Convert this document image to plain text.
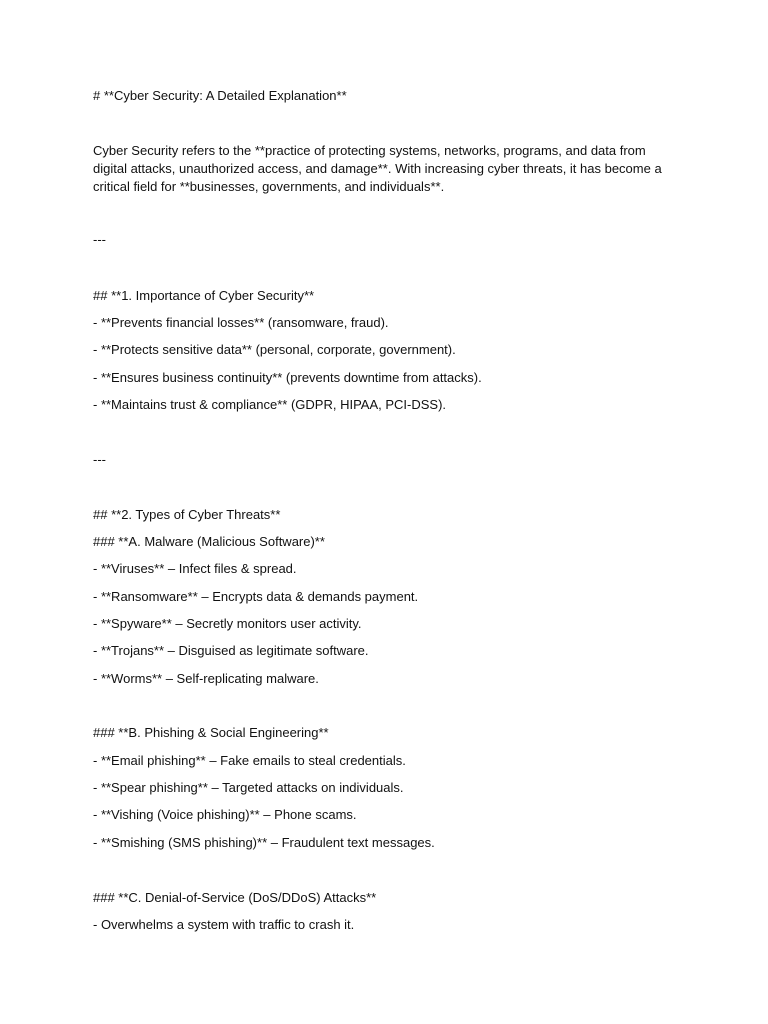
# **Cyber Security: A Detailed Explanation**
Cyber Security refers to the **practice of protecting systems, networks, programs, and data from digital attacks, unauthorized access, and damage**. With increasing cyber threats, it has become a critical field for **businesses, governments, and individuals**.
---
## **1. Importance of Cyber Security**
- **Prevents financial losses** (ransomware, fraud).
- **Protects sensitive data** (personal, corporate, government).
- **Ensures business continuity** (prevents downtime from attacks).
- **Maintains trust & compliance** (GDPR, HIPAA, PCI-DSS).
---
## **2. Types of Cyber Threats**
### **A. Malware (Malicious Software)**
- **Viruses** – Infect files & spread.
- **Ransomware** – Encrypts data & demands payment.
- **Spyware** – Secretly monitors user activity.
- **Trojans** – Disguised as legitimate software.
- **Worms** – Self-replicating malware.
### **B. Phishing & Social Engineering**
- **Email phishing** – Fake emails to steal credentials.
- **Spear phishing** – Targeted attacks on individuals.
- **Vishing (Voice phishing)** – Phone scams.
- **Smishing (SMS phishing)** – Fraudulent text messages.
### **C. Denial-of-Service (DoS/DDoS) Attacks**
- Overwhelms a system with traffic to crash it.
